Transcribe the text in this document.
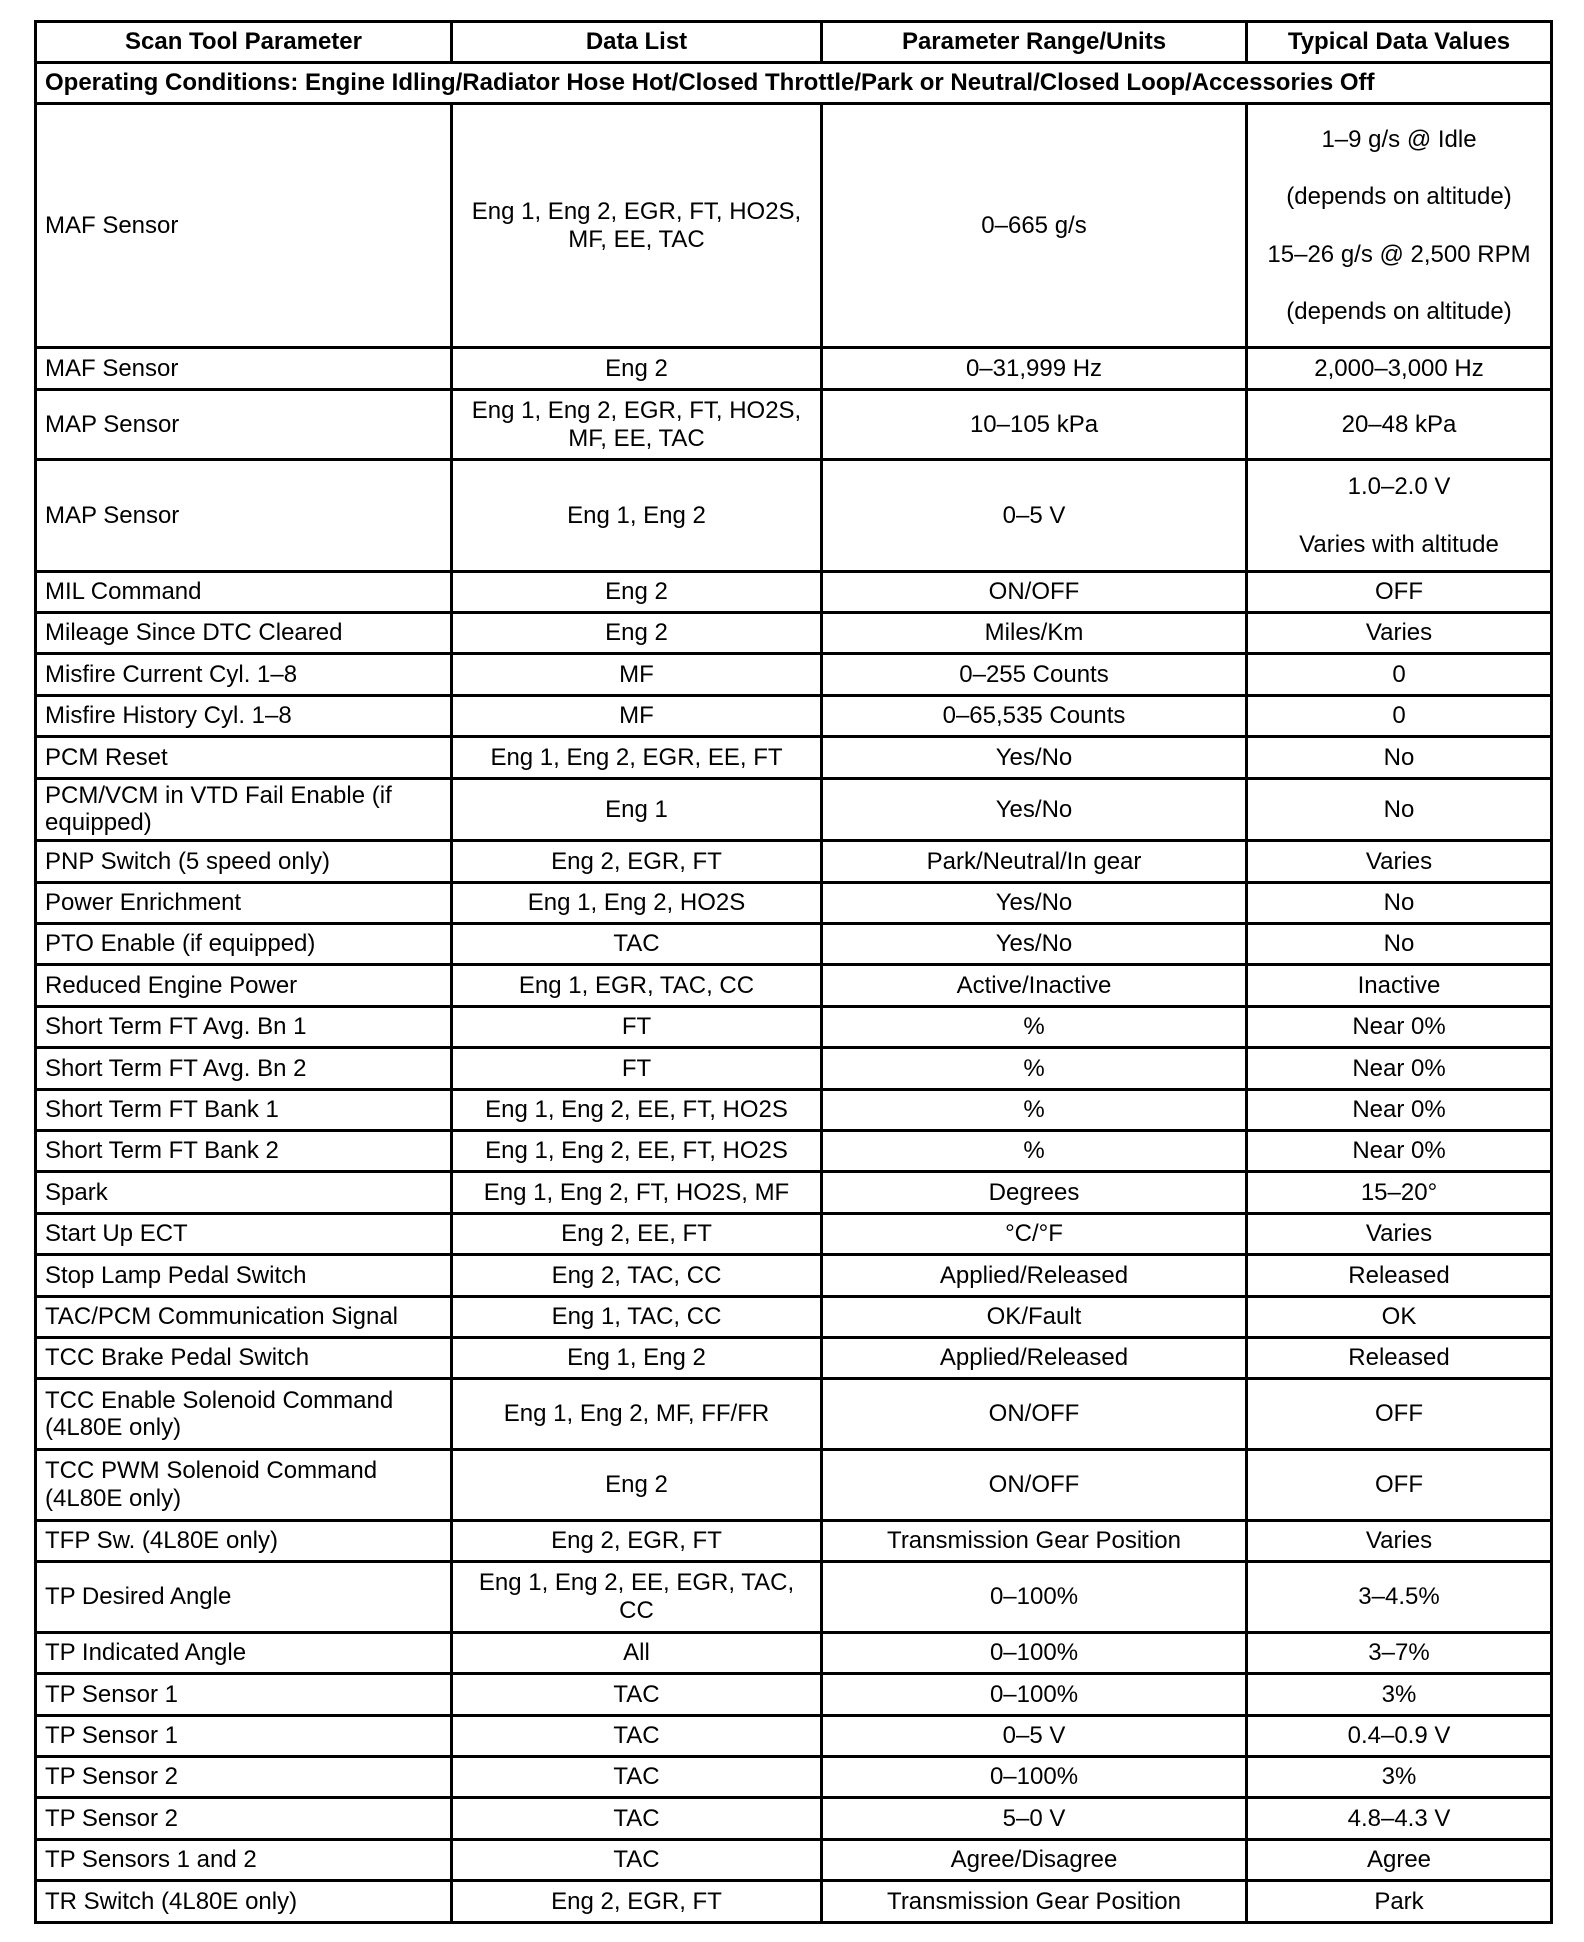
Scan Tool Parameter	Data List	Parameter Range/Units	Typical Data Values
Operating Conditions: Engine Idling/Radiator Hose Hot/Closed Throttle/Park or Neutral/Closed Loop/Accessories Off			
MAF Sensor	Eng 1, Eng 2, EGR, FT, HO2S, MF, EE, TAC	0–665 g/s	1–9 g/s @ Idle
(depends on altitude)
15–26 g/s @ 2,500 RPM
(depends on altitude)

MAF Sensor	Eng 2	0–31,999 Hz	2,000–3,000 Hz

MAP Sensor	Eng 1, Eng 2, EGR, FT, HO2S, MF, EE, TAC	10–105 kPa	20–48 kPa

MAP Sensor	Eng 1, Eng 2	0–5 V	1.0–2.0 V
Varies with altitude

MIL Command	Eng 2	ON/OFF	OFF

Mileage Since DTC Cleared	Eng 2	Miles/Km	Varies

Misfire Current Cyl. 1–8	MF	0–255 Counts	0

Misfire History Cyl. 1–8	MF	0–65,535 Counts	0

PCM Reset	Eng 1, Eng 2, EGR, EE, FT	Yes/No	No

PCM/VCM in VTD Fail Enable (if equipped)	Eng 1	Yes/No	No

PNP Switch (5 speed only)	Eng 2, EGR, FT	Park/Neutral/In gear	Varies

Power Enrichment	Eng 1, Eng 2, HO2S	Yes/No	No

PTO Enable (if equipped)	TAC	Yes/No	No

Reduced Engine Power	Eng 1, EGR, TAC, CC	Active/Inactive	Inactive

Short Term FT Avg. Bn 1	FT	%	Near 0%

Short Term FT Avg. Bn 2	FT	%	Near 0%

Short Term FT Bank 1	Eng 1, Eng 2, EE, FT, HO2S	%	Near 0%

Short Term FT Bank 2	Eng 1, Eng 2, EE, FT, HO2S	%	Near 0%

Spark	Eng 1, Eng 2, FT, HO2S, MF	Degrees	15–20°

Start Up ECT	Eng 2, EE, FT	°C/°F	Varies

Stop Lamp Pedal Switch	Eng 2, TAC, CC	Applied/Released	Released

TAC/PCM Communication Signal	Eng 1, TAC, CC	OK/Fault	OK

TCC Brake Pedal Switch	Eng 1, Eng 2	Applied/Released	Released

TCC Enable Solenoid Command (4L80E only)	Eng 1, Eng 2, MF, FF/FR	ON/OFF	OFF

TCC PWM Solenoid Command (4L80E only)	Eng 2	ON/OFF	OFF

TFP Sw. (4L80E only)	Eng 2, EGR, FT	Transmission Gear Position	Varies

TP Desired Angle	Eng 1, Eng 2, EE, EGR, TAC, CC	0–100%	3–4.5%

TP Indicated Angle	All	0–100%	3–7%

TP Sensor 1	TAC	0–100%	3%

TP Sensor 1	TAC	0–5 V	0.4–0.9 V

TP Sensor 2	TAC	0–100%	3%

TP Sensor 2	TAC	5–0 V	4.8–4.3 V

TP Sensors 1 and 2	TAC	Agree/Disagree	Agree

TR Switch (4L80E only)	Eng 2, EGR, FT	Transmission Gear Position	Park
